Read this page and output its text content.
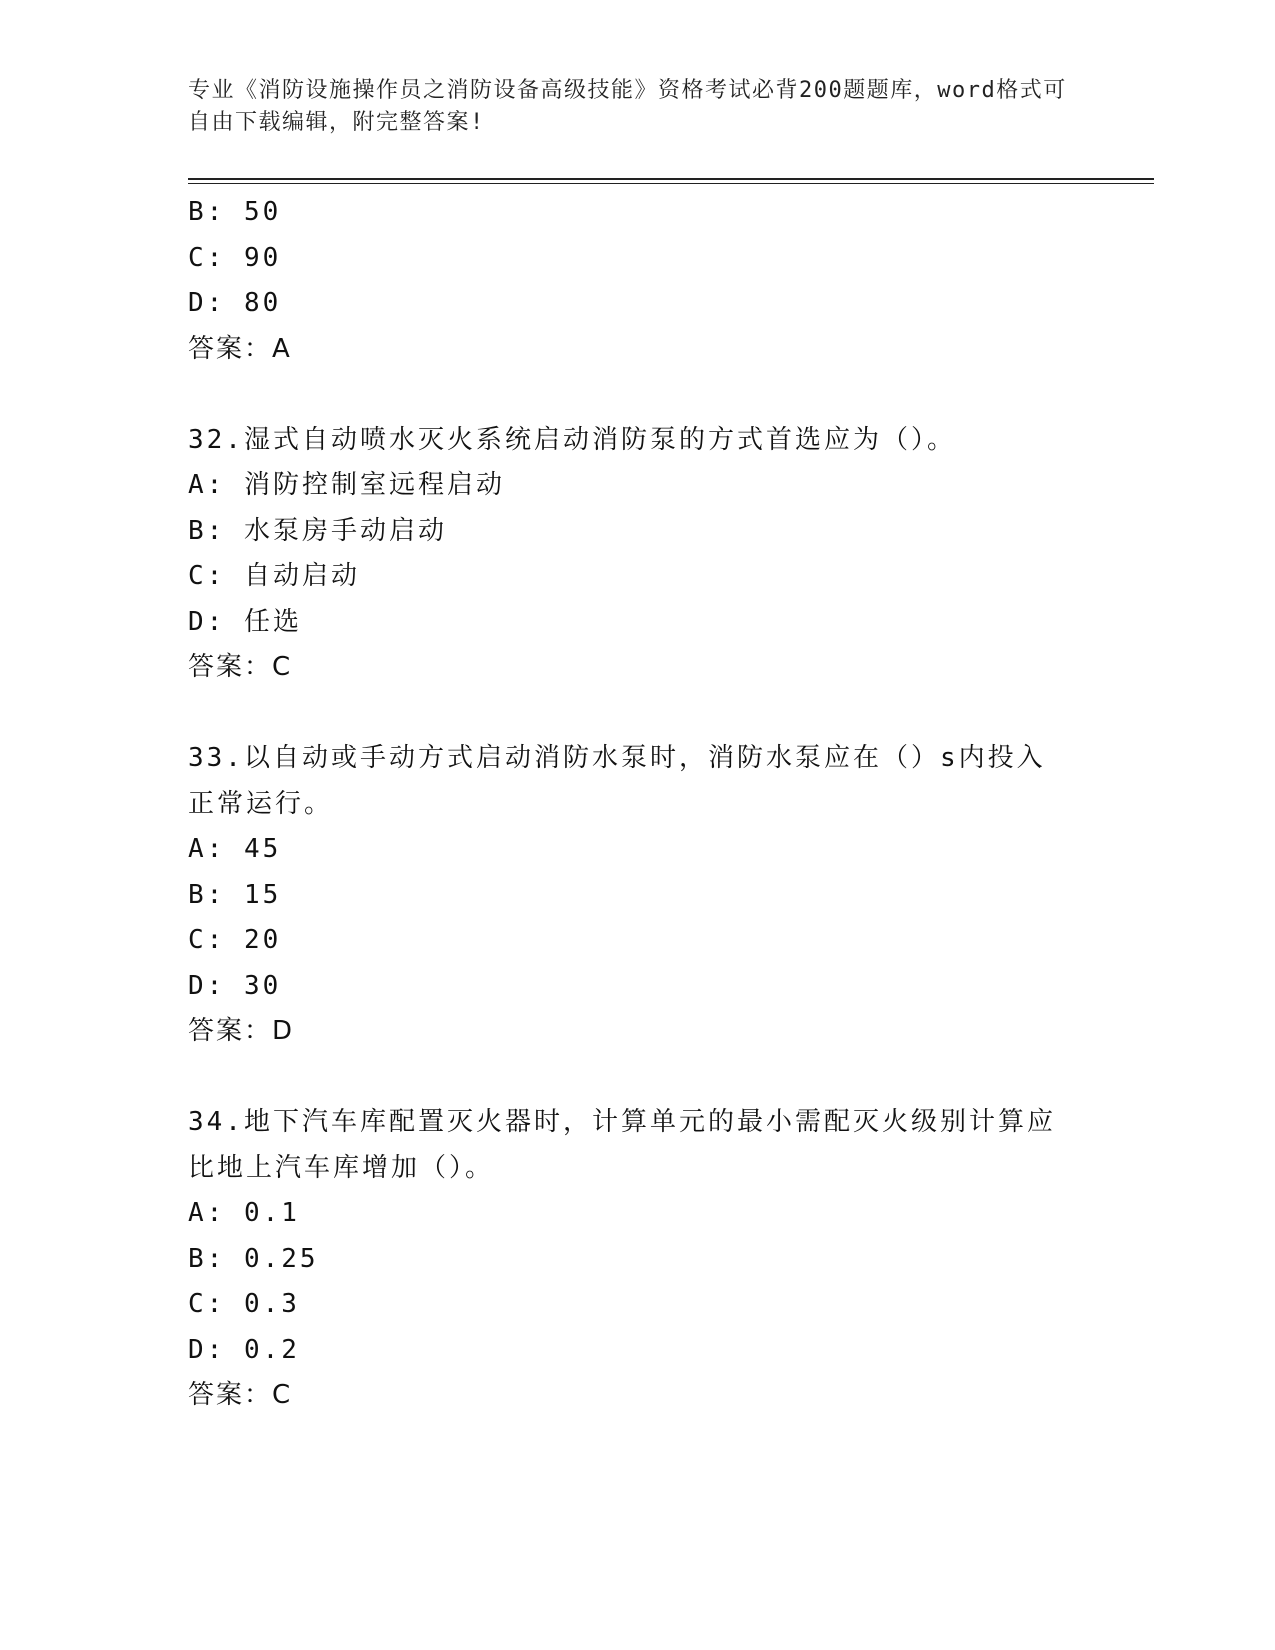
专业《消防设施操作员之消防设备高级技能》资格考试必背200题题库，word格式可自由下载编辑，附完整答案!
B: 50
C: 90
D: 80
答案：A
32.湿式自动喷水灭火系统启动消防泵的方式首选应为（）。
A: 消防控制室远程启动
B: 水泵房手动启动
C: 自动启动
D: 任选
答案：C
33.以自动或手动方式启动消防水泵时，消防水泵应在（）s内投入正常运行。
A: 45
B: 15
C: 20
D: 30
答案：D
34.地下汽车库配置灭火器时，计算单元的最小需配灭火级别计算应比地上汽车库增加（）。
A: 0.1
B: 0.25
C: 0.3
D: 0.2
答案：C
